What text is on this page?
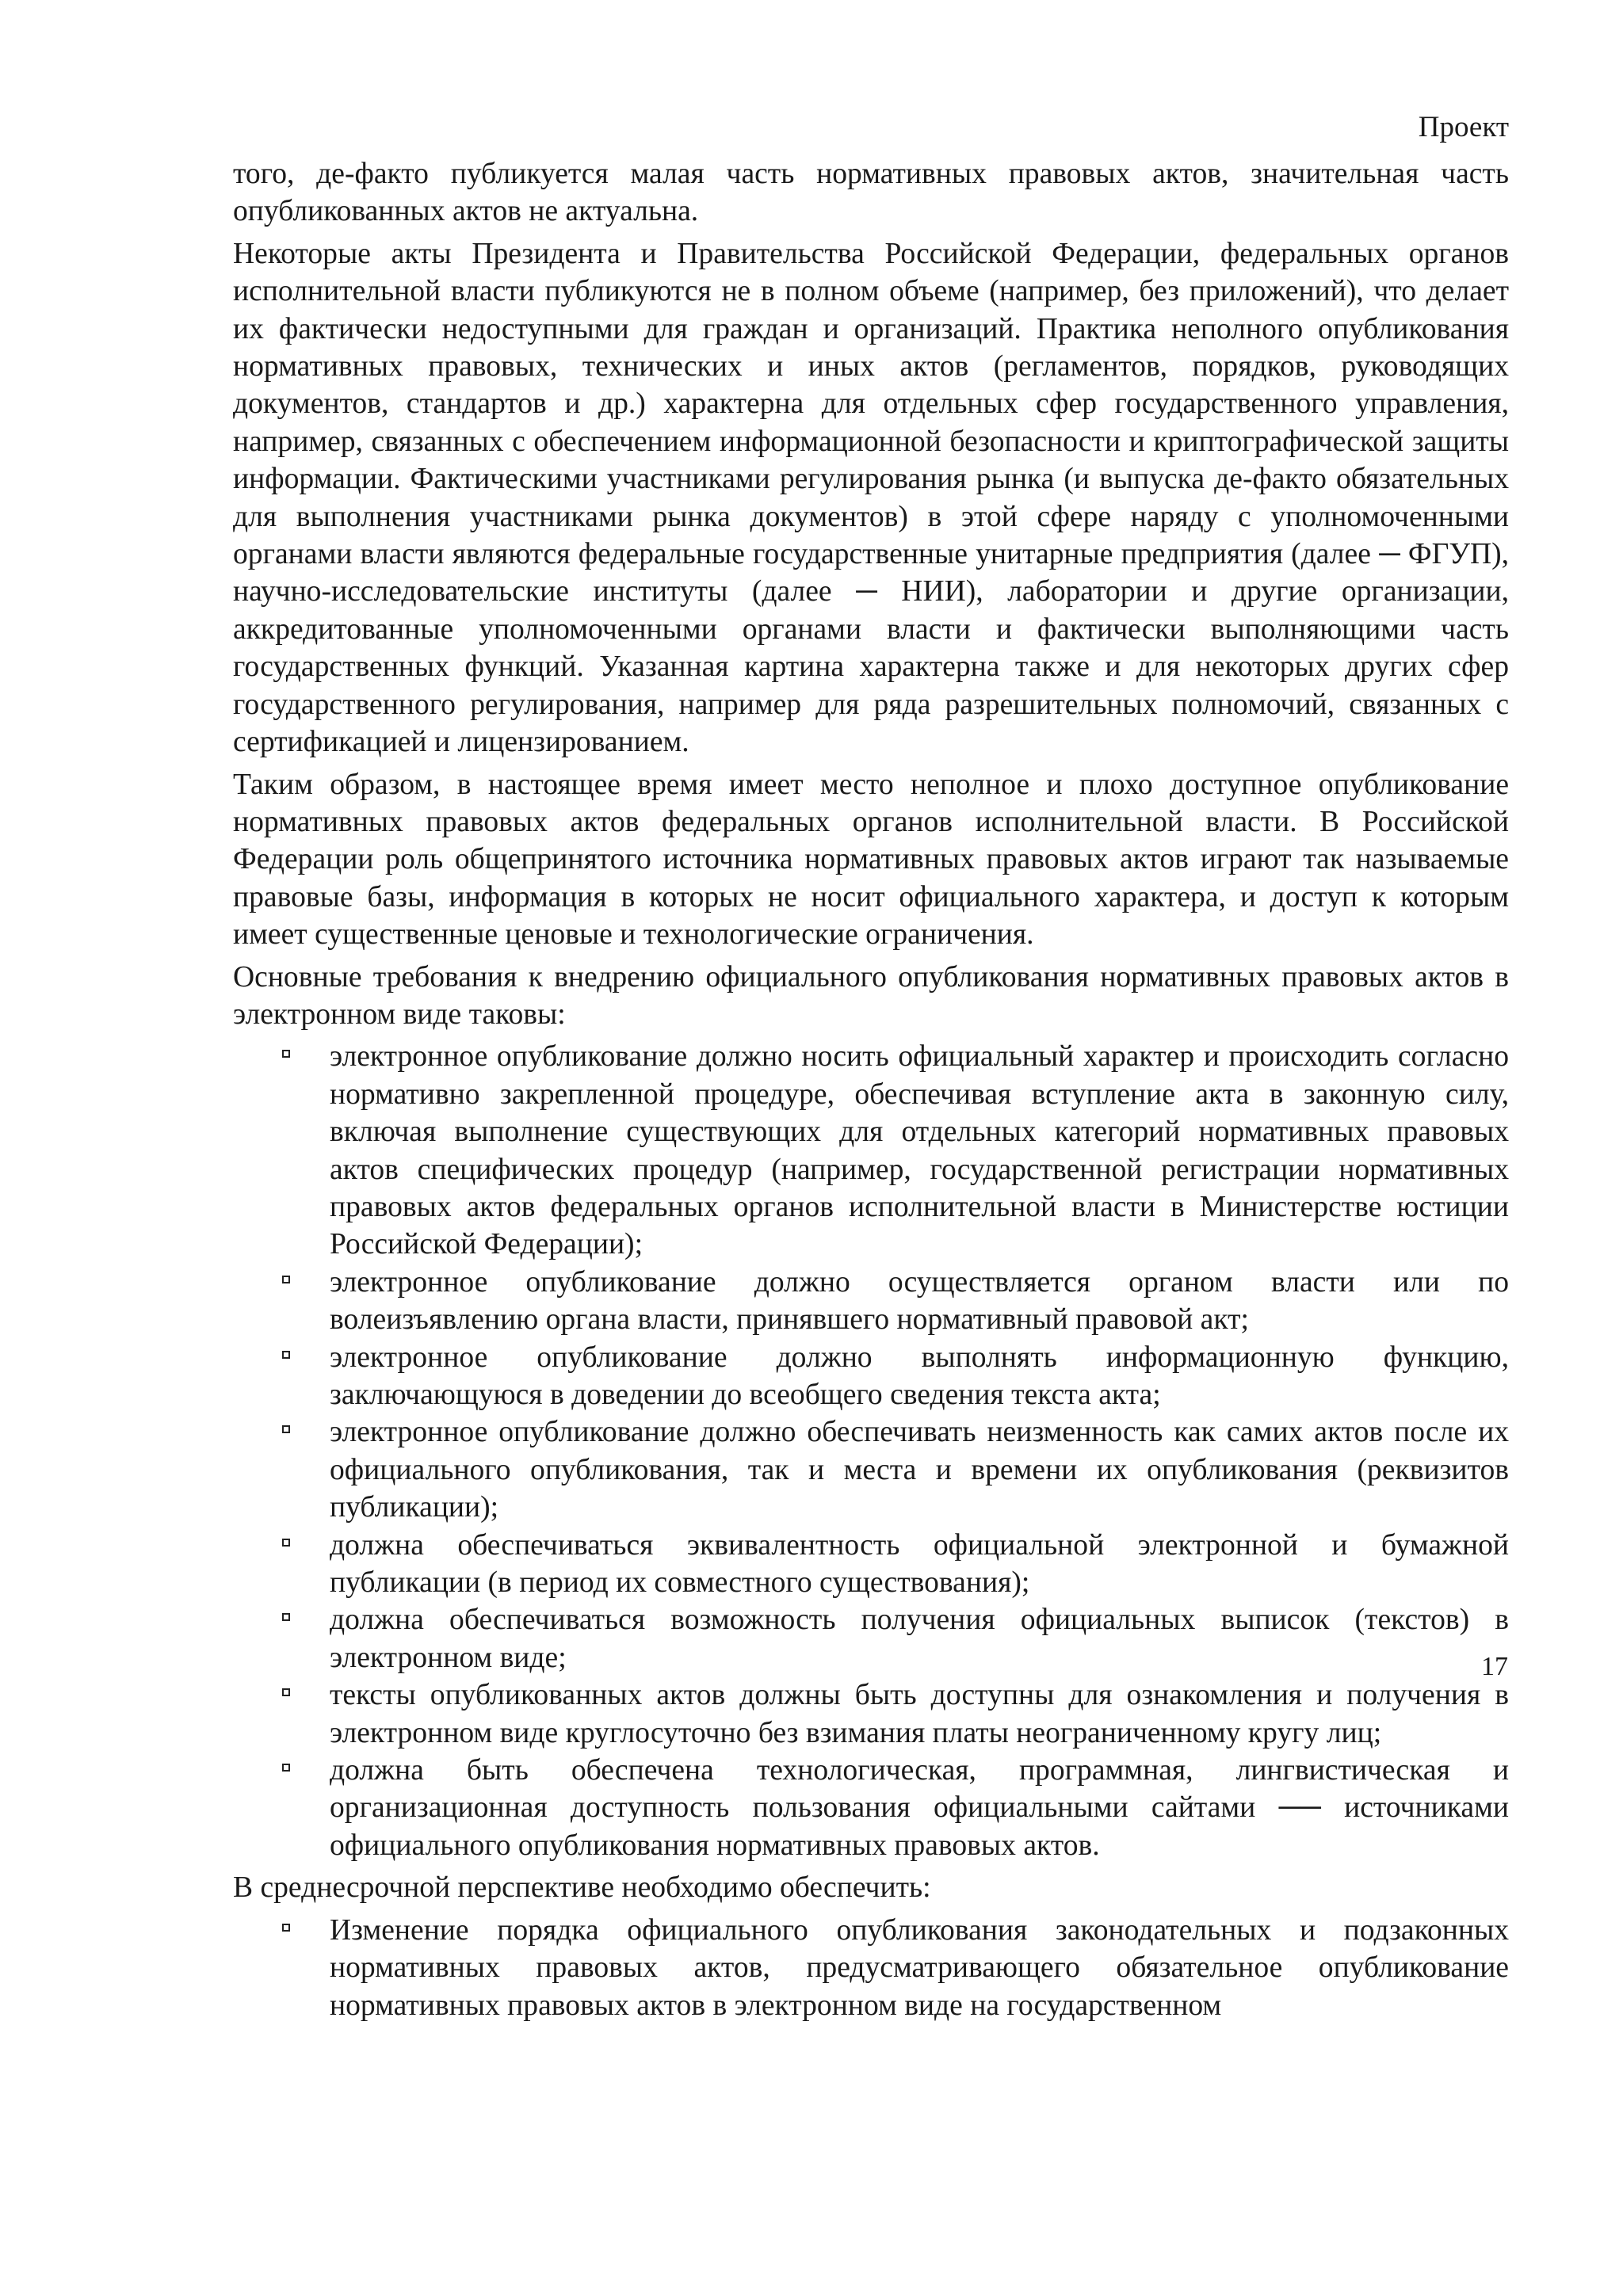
Проект

того, де-факто публикуется малая часть нормативных правовых актов, значительная часть опубликованных актов не актуальна.

Некоторые акты Президента и Правительства Российской Федерации, федеральных органов исполнительной власти публикуются не в полном объеме (например, без приложений), что делает их фактически недоступными для граждан и организаций. Практика неполного опубликования нормативных правовых, технических и иных актов (регламентов, порядков, руководящих документов, стандартов и др.) характерна для отдельных сфер государственного управления, например, связанных с обеспечением информационной безопасности и криптографической защиты информации. Фактическими участниками регулирования рынка (и выпуска де-факто обязательных для выполнения участниками рынка документов) в этой сфере наряду с уполномоченными органами власти являются федеральные государственные унитарные предприятия (далее ─ ФГУП), научно-исследовательские институты (далее ─ НИИ), лаборатории и другие организации, аккредитованные уполномоченными органами власти и фактически выполняющими часть государственных функций. Указанная картина характерна также и для некоторых других сфер государственного регулирования, например для ряда разрешительных полномочий, связанных с сертификацией и лицензированием.

Таким образом, в настоящее время имеет место неполное и плохо доступное опубликование нормативных правовых актов федеральных органов исполнительной власти. В Российской Федерации роль общепринятого источника нормативных правовых актов играют так называемые правовые базы, информация в которых не носит официального характера, и доступ к которым имеет существенные ценовые и технологические ограничения.

Основные требования к внедрению официального опубликования нормативных правовых актов в электронном виде таковы:

электронное опубликование должно носить официальный характер и происходить согласно нормативно закрепленной процедуре, обеспечивая вступление акта в законную силу, включая выполнение существующих для отдельных категорий нормативных правовых актов специфических процедур (например, государственной регистрации нормативных правовых актов федеральных органов исполнительной власти в Министерстве юстиции Российской Федерации);
электронное опубликование должно осуществляется органом власти или по волеизъявлению органа власти, принявшего нормативный правовой акт;
электронное опубликование должно выполнять информационную функцию, заключающуюся в доведении до всеобщего сведения текста акта;
электронное опубликование должно обеспечивать неизменность как самих актов после их официального опубликования, так и места и времени их опубликования (реквизитов публикации);
должна обеспечиваться эквивалентность официальной электронной и бумажной публикации (в период их совместного существования);
должна обеспечиваться возможность получения официальных выписок (текстов) в электронном виде;
тексты опубликованных актов должны быть доступны для ознакомления и получения в электронном виде круглосуточно без взимания платы неограниченному кругу лиц;
должна быть обеспечена технологическая, программная, лингвистическая и организационная доступность пользования официальными сайтами ── источниками официального опубликования нормативных правовых актов.

В среднесрочной перспективе необходимо обеспечить:

Изменение порядка официального опубликования законодательных и подзаконных нормативных правовых актов, предусматривающего обязательное опубликование нормативных правовых актов в электронном виде на государственном
17
